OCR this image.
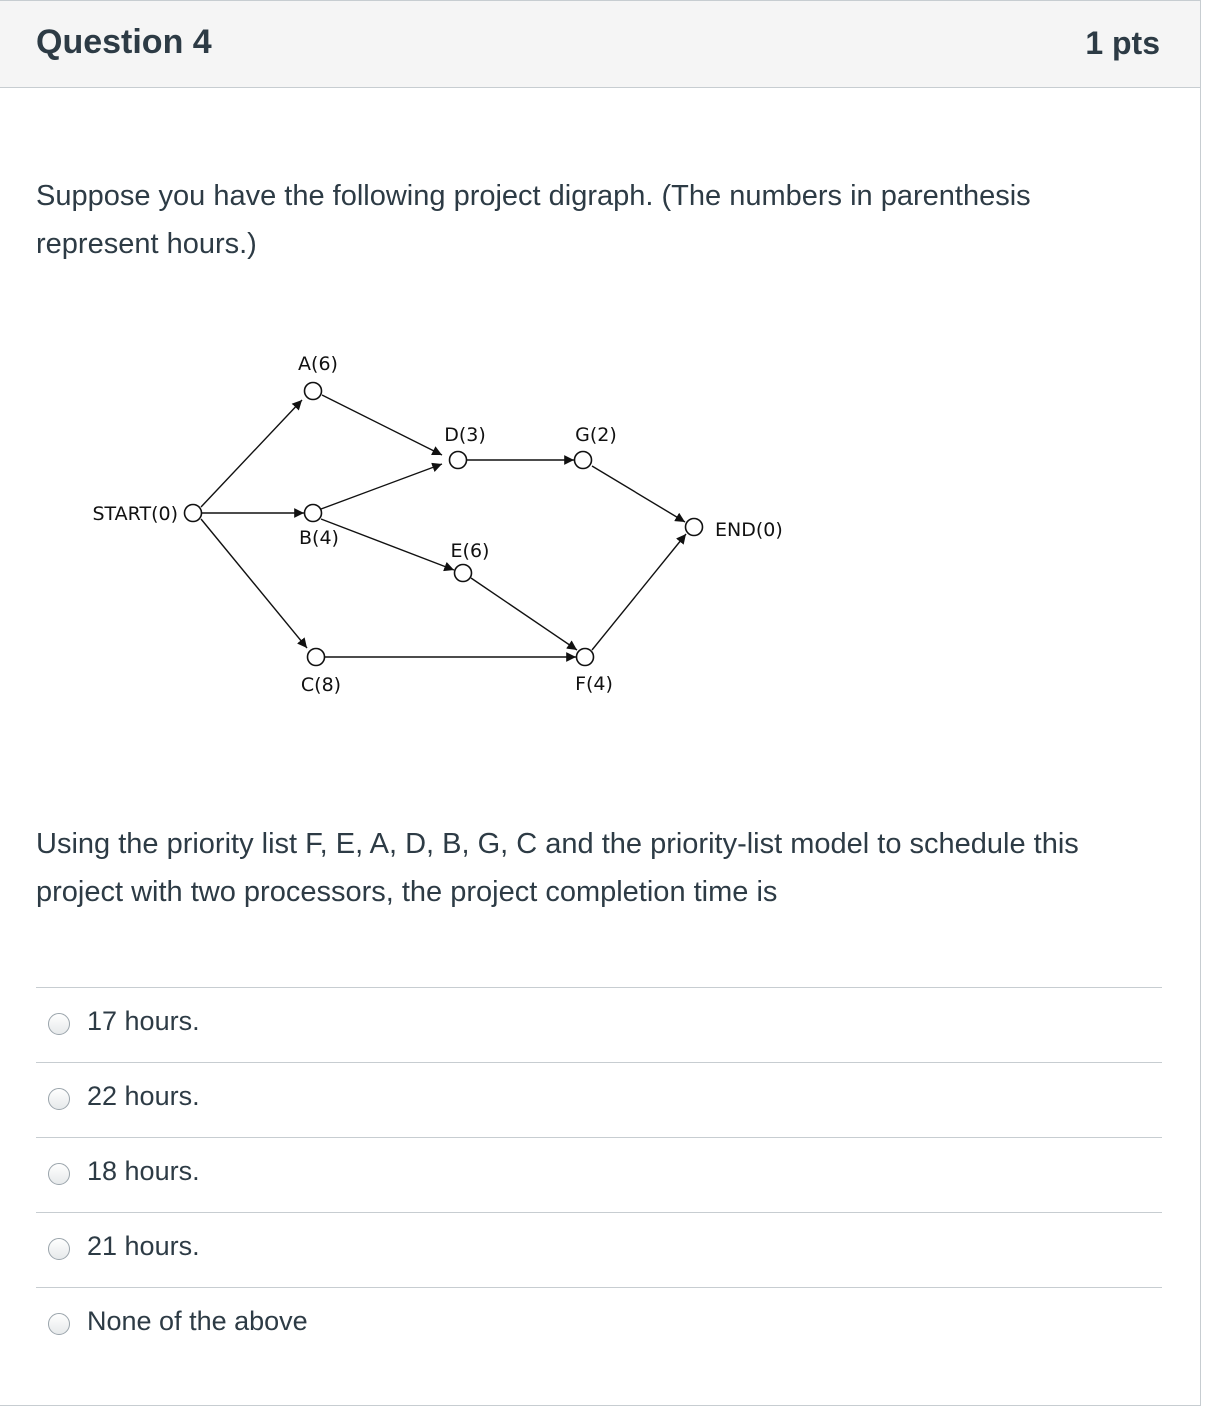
Question 4	1 pts
Suppose you have the following project digraph. (The numbers in parenthesis represent hours.)
START(0)
A(6)
B(4)
C(8)
D(3)
E(6)
F(4)
G(2)
END(0)
Using the priority list F, E, A, D, B, G, C and the priority-list model to schedule this project with two processors, the project completion time is
17 hours.
22 hours.
18 hours.
21 hours.
None of the above
